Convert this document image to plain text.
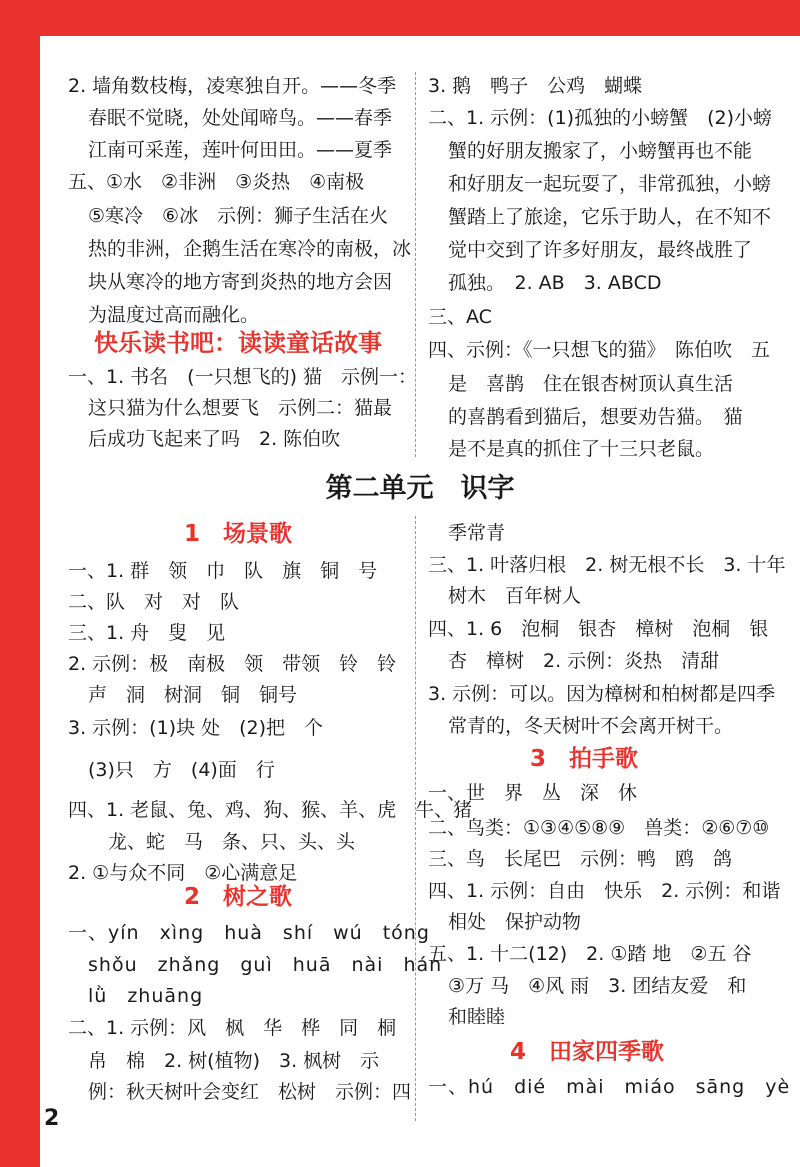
2. 墙角数枝梅，凌寒独自开。——冬季
春眠不觉晓，处处闻啼鸟。——春季
江南可采莲，莲叶何田田。——夏季
五、①水　②非洲　③炎热　④南极
⑤寒冷　⑥冰　示例：狮子生活在火
热的非洲，企鹅生活在寒冷的南极，冰
块从寒冷的地方寄到炎热的地方会因
为温度过高而融化。
快乐读书吧：读读童话故事
一、1. 书名　(一只想飞的) 猫　示例一：
这只猫为什么想要飞　示例二：猫最
后成功飞起来了吗　2. 陈伯吹
3. 鹅　鸭子　公鸡　蝴蝶
二、1. 示例：(1)孤独的小螃蟹　(2)小螃
蟹的好朋友搬家了，小螃蟹再也不能
和好朋友一起玩耍了，非常孤独，小螃
蟹踏上了旅途，它乐于助人，在不知不
觉中交到了许多好朋友，最终战胜了
孤独。　2. AB　3. ABCD
三、AC
四、示例：《一只想飞的猫》　陈伯吹　五
是　喜鹊　住在银杏树顶认真生活
的喜鹊看到猫后，想要劝告猫。　猫
是不是真的抓住了十三只老鼠。
第二单元　识字
1　场景歌
一、1. 群　领　巾　队　旗　铜　号
二、队　对　对　队
三、1. 舟　叟　见
2. 示例：极　南极　领　带领　铃　铃
声　洞　树洞　铜　铜号
3. 示例：(1)块 处　(2)把　个
(3)只　方　(4)面　行
四、1. 老鼠、兔、鸡、狗、猴、羊、虎　牛、猪
龙、蛇　马　条、只、头、头
2. ①与众不同　②心满意足
2　树之歌
一、yín　xìng　huà　shí　wú　tóng
shǒu　zhǎng　guì　huā　nài　hán
lǜ　zhuāng
二、1. 示例：风　枫　华　桦　同　桐
帛　棉　2. 树(植物)　3. 枫树　示
例：秋天树叶会变红　松树　示例：四
季常青
三、1. 叶落归根　2. 树无根不长　3. 十年
树木　百年树人
四、1. 6　泡桐　银杏　樟树　泡桐　银
杏　樟树　2. 示例：炎热　清甜
3. 示例：可以。因为樟树和柏树都是四季
常青的，冬天树叶不会离开树干。
3　拍手歌
一、世　界　丛　深　休
二、鸟类：①③④⑤⑧⑨　兽类：②⑥⑦⑩
三、鸟　长尾巴　示例：鸭　鸥　鸽
四、1. 示例：自由　快乐　2. 示例：和谐
相处　保护动物
五、1. 十二(12)　2. ①踏 地　②五 谷
③万 马　④风 雨　3. 团结友爱　和
和睦睦
4　田家四季歌
一、hú　dié　mài　miáo　sāng　yè
2
